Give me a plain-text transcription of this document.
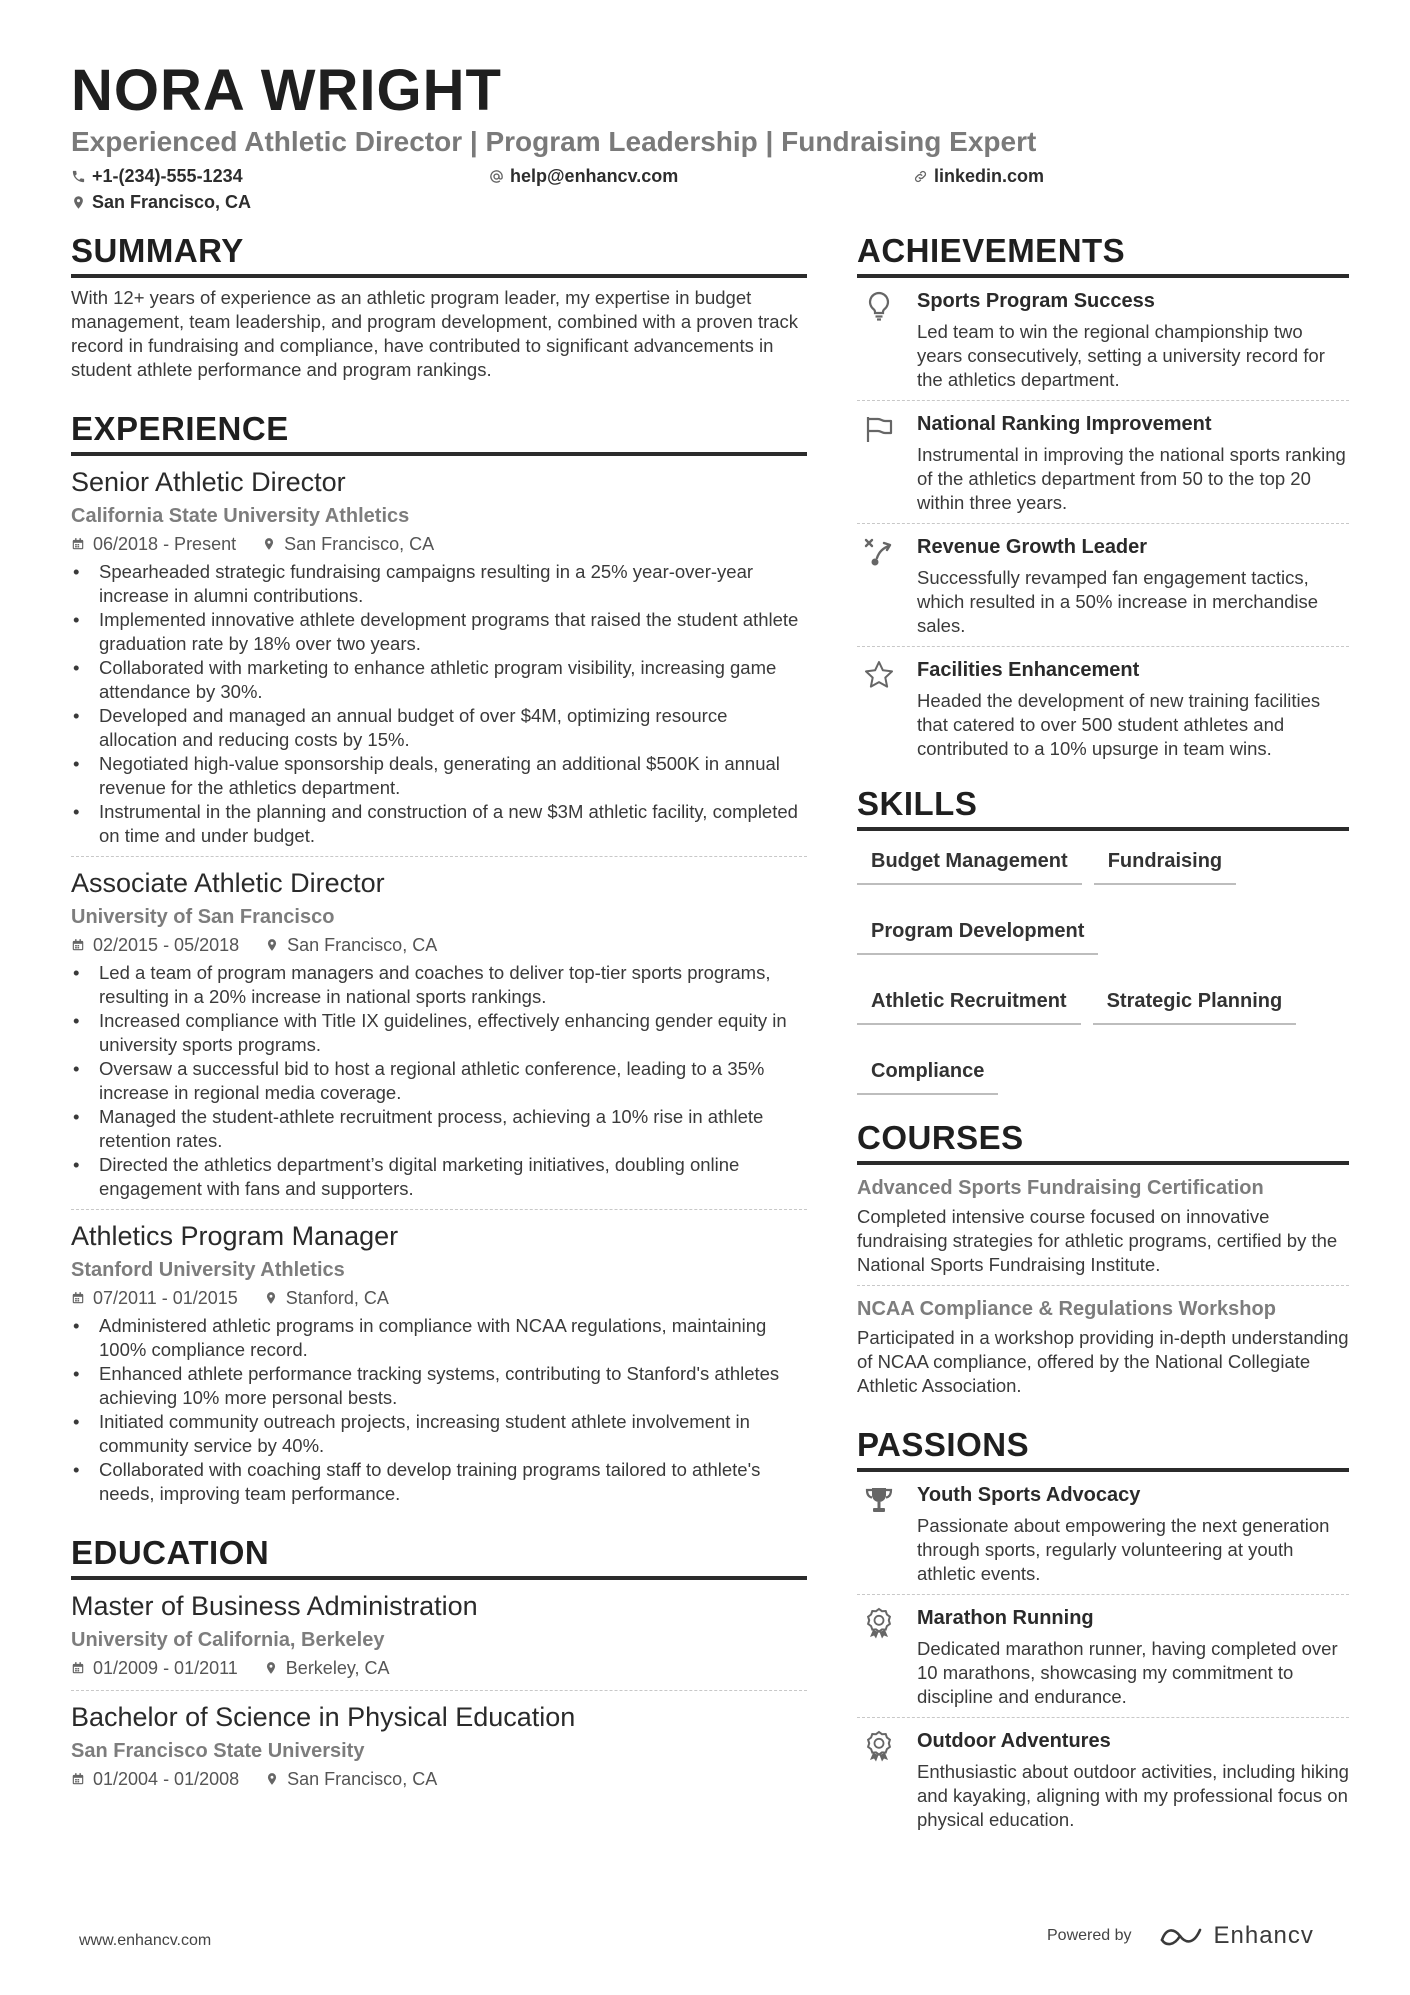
NORA WRIGHT
Experienced Athletic Director | Program Leadership | Fundraising Expert
+1-(234)-555-1234	help@enhancv.com	linkedin.com
San Francisco, CA
SUMMARY
With 12+ years of experience as an athletic program leader, my expertise in budget management, team leadership, and program development, combined with a proven track record in fundraising and compliance, have contributed to significant advancements in student athlete performance and program rankings.
EXPERIENCE
Senior Athletic Director
California State University Athletics
06/2018 - Present	San Francisco, CA
• Spearheaded strategic fundraising campaigns resulting in a 25% year-over-year increase in alumni contributions.
• Implemented innovative athlete development programs that raised the student athlete graduation rate by 18% over two years.
• Collaborated with marketing to enhance athletic program visibility, increasing game attendance by 30%.
• Developed and managed an annual budget of over $4M, optimizing resource allocation and reducing costs by 15%.
• Negotiated high-value sponsorship deals, generating an additional $500K in annual revenue for the athletics department.
• Instrumental in the planning and construction of a new $3M athletic facility, completed on time and under budget.
Associate Athletic Director
University of San Francisco
02/2015 - 05/2018	San Francisco, CA
• Led a team of program managers and coaches to deliver top-tier sports programs, resulting in a 20% increase in national sports rankings.
• Increased compliance with Title IX guidelines, effectively enhancing gender equity in university sports programs.
• Oversaw a successful bid to host a regional athletic conference, leading to a 35% increase in regional media coverage.
• Managed the student-athlete recruitment process, achieving a 10% rise in athlete retention rates.
• Directed the athletics department’s digital marketing initiatives, doubling online engagement with fans and supporters.
Athletics Program Manager
Stanford University Athletics
07/2011 - 01/2015	Stanford, CA
• Administered athletic programs in compliance with NCAA regulations, maintaining 100% compliance record.
• Enhanced athlete performance tracking systems, contributing to Stanford's athletes achieving 10% more personal bests.
• Initiated community outreach projects, increasing student athlete involvement in community service by 40%.
• Collaborated with coaching staff to develop training programs tailored to athlete's needs, improving team performance.
EDUCATION
Master of Business Administration
University of California, Berkeley
01/2009 - 01/2011	Berkeley, CA
Bachelor of Science in Physical Education
San Francisco State University
01/2004 - 01/2008	San Francisco, CA
ACHIEVEMENTS
Sports Program Success
Led team to win the regional championship two years consecutively, setting a university record for the athletics department.
National Ranking Improvement
Instrumental in improving the national sports ranking of the athletics department from 50 to the top 20 within three years.
Revenue Growth Leader
Successfully revamped fan engagement tactics, which resulted in a 50% increase in merchandise sales.
Facilities Enhancement
Headed the development of new training facilities that catered to over 500 student athletes and contributed to a 10% upsurge in team wins.
SKILLS
Budget Management	Fundraising
Program Development
Athletic Recruitment	Strategic Planning
Compliance
COURSES
Advanced Sports Fundraising Certification
Completed intensive course focused on innovative fundraising strategies for athletic programs, certified by the National Sports Fundraising Institute.
NCAA Compliance & Regulations Workshop
Participated in a workshop providing in-depth understanding of NCAA compliance, offered by the National Collegiate Athletic Association.
PASSIONS
Youth Sports Advocacy
Passionate about empowering the next generation through sports, regularly volunteering at youth athletic events.
Marathon Running
Dedicated marathon runner, having completed over 10 marathons, showcasing my commitment to discipline and endurance.
Outdoor Adventures
Enthusiastic about outdoor activities, including hiking and kayaking, aligning with my professional focus on physical education.
www.enhancv.com	Powered by	Enhancv
